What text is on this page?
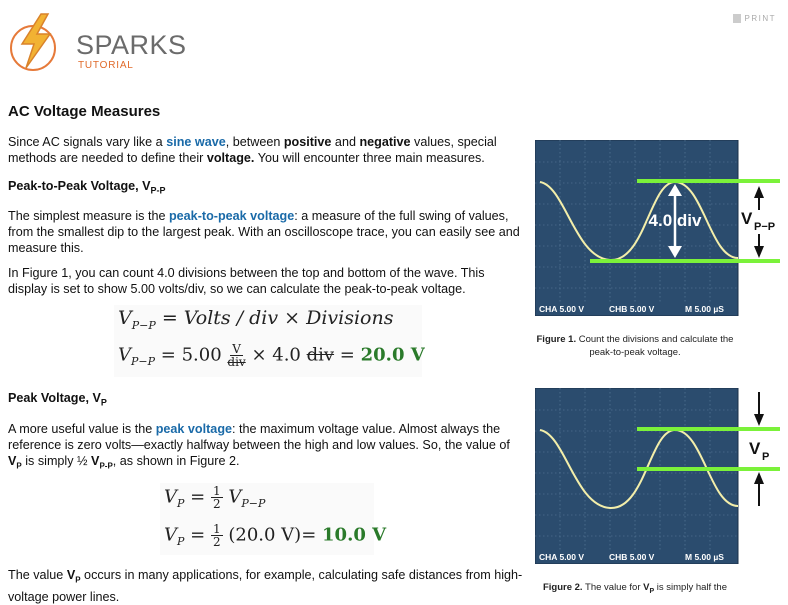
SPARKS
TUTORIAL
PRINT
AC Voltage Measures

Since AC signals vary like a sine wave, between positive and negative values, special methods are needed to define their voltage. You will encounter three main measures.

Peak-to-Peak Voltage, $V_{P-P}$

The simplest measure is the peak-to-peak voltage: a measure of the full swing of values, from the smallest dip to the largest peak. With an oscilloscope trace, you can easily see and measure this.

In Figure 1, you can count 4.0 divisions between the top and bottom of the wave. This display is set to show 5.00 volts/div, so we can calculate the peak-to-peak voltage.

$V_{P-P}$ = Volts / div × Divisions
$V_{P-P} = 5.00 \frac{V}{\text{div}} \times 4.0$ div = 20.0 V

Peak Voltage, $V_P$

A more useful value is the peak voltage: the maximum voltage value. Almost always the reference is zero volts—exactly halfway between the high and low values. So, the value of $V_P$ is simply ½ $V_{P-P}$, as shown in Figure 2.

$V_P = \frac{1}{2} V_{P-P}$
$V_P = \frac{1}{2} (20.0$ V)= 10.0 V

The value $V_P$ occurs in many applications, for example, calculating safe distances from high-voltage power lines.

4.0 div V P−P
CHA 5.00 V	CHB 5.00 V	M 5.00 µS
Figure 1. Count the divisions and calculate the peak-to-peak voltage.
V P
CHA 5.00 V	CHB 5.00 V	M 5.00 µS
Figure 2. The value for $V_P$ is simply half the
